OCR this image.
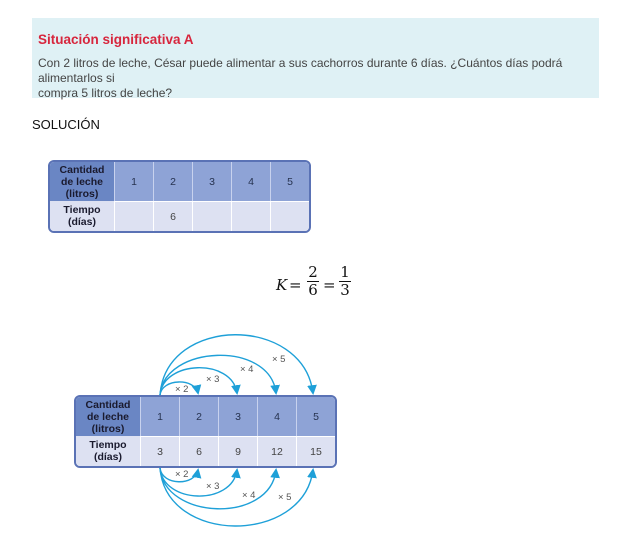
Situación significativa A
Con 2 litros de leche, César puede alimentar a sus cachorros durante 6 días. ¿Cuántos días podrá alimentarlos si
compra 5 litros de leche?
SOLUCIÓN
Cantidad
de leche
(litros)	1	2	3	4	5

Tiempo
(días)		6			
K =
2
6 =
1
3
× 2
× 3
× 4
× 5
× 2
× 3
× 4 × 5
Cantidad
de leche
(litros)	1	2	3	4	5

Tiempo
(días)	3	6	9	12	15
